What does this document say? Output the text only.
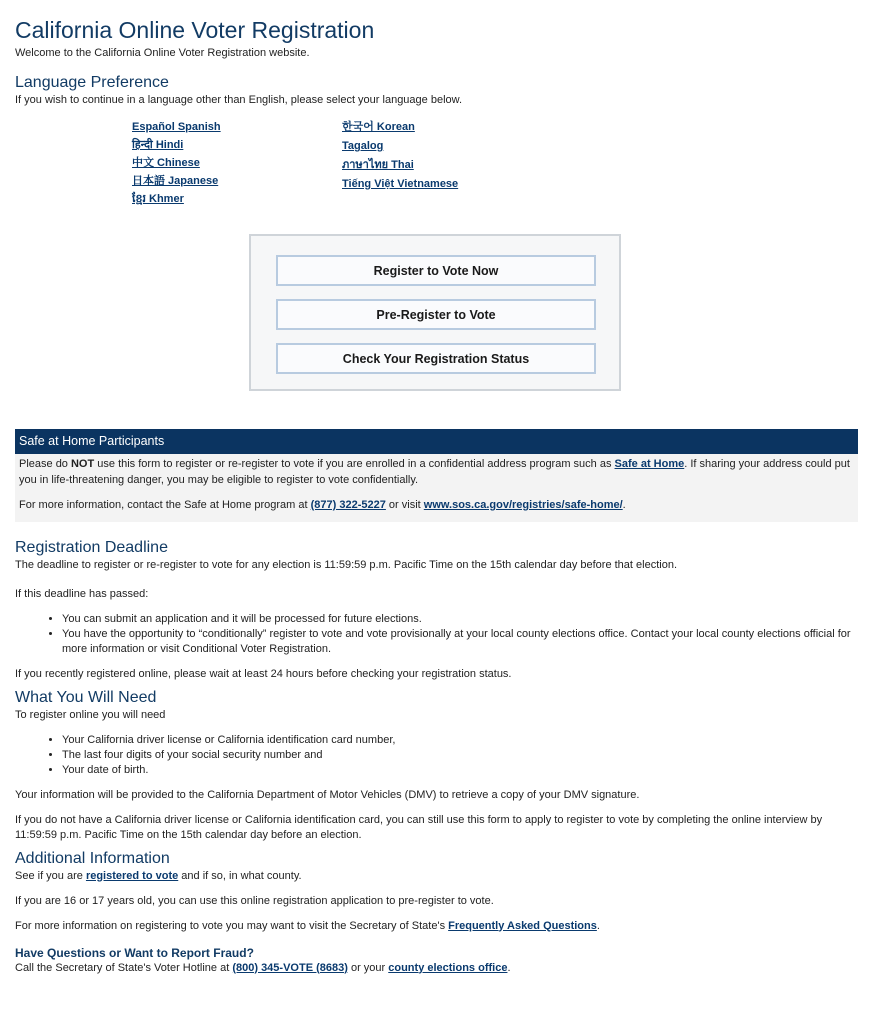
California Online Voter Registration

Welcome to the California Online Voter Registration website.

Language Preference

If you wish to continue in a language other than English, please select your language below.

Español Spanish
हिन्दी Hindi
中文 Chinese
日本語 Japanese
ខ្មែរ Khmer
한국어 Korean
Tagalog
ภาษาไทย Thai
Tiếng Việt Vietnamese
Register to Vote Now
Pre-Register to Vote
Check Your Registration Status
Safe at Home Participants

Please do NOT use this form to register or re-register to vote if you are enrolled in a confidential address program such as Safe at Home. If sharing your address could put you in life-threatening danger, you may be eligible to register to vote confidentially.

For more information, contact the Safe at Home program at (877) 322-5227 or visit www.sos.ca.gov/registries/safe-home/.

Registration Deadline

The deadline to register or re-register to vote for any election is 11:59:59 p.m. Pacific Time on the 15th calendar day before that election.

If this deadline has passed:

• You can submit an application and it will be processed for future elections.
• You have the opportunity to “conditionally” register to vote and vote provisionally at your local county elections office. Contact your local county elections official for more information or visit Conditional Voter Registration.

If you recently registered online, please wait at least 24 hours before checking your registration status.

What You Will Need

To register online you will need

• Your California driver license or California identification card number,
• The last four digits of your social security number and
• Your date of birth.

Your information will be provided to the California Department of Motor Vehicles (DMV) to retrieve a copy of your DMV signature.

If you do not have a California driver license or California identification card, you can still use this form to apply to register to vote by completing the online interview by 11:59:59 p.m. Pacific Time on the 15th calendar day before an election.

Additional Information

See if you are registered to vote and if so, in what county.

If you are 16 or 17 years old, you can use this online registration application to pre-register to vote.

For more information on registering to vote you may want to visit the Secretary of State's Frequently Asked Questions.

Have Questions or Want to Report Fraud?

Call the Secretary of State's Voter Hotline at (800) 345-VOTE (8683) or your county elections office.
